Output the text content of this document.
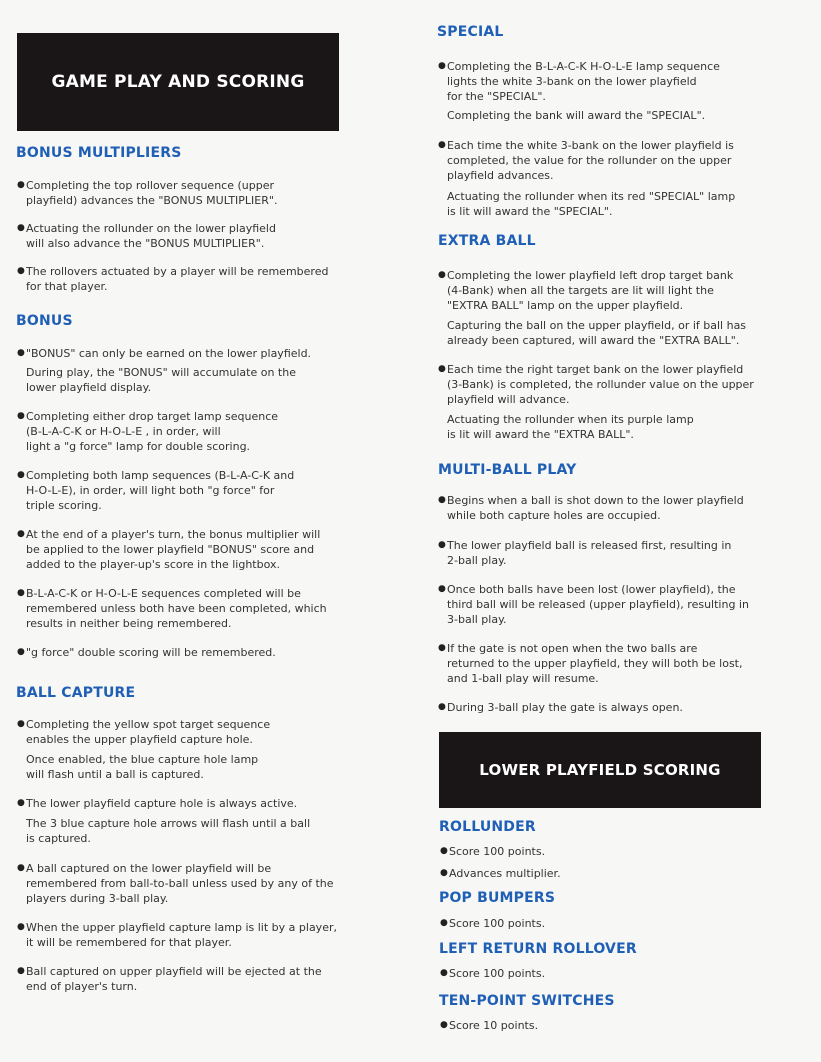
GAME PLAY AND SCORING
BONUS MULTIPLIERS
● Completing the top rollover sequence (upper
playfield) advances the "BONUS MULTIPLIER".
● Actuating the rollunder on the lower playfield
will also advance the "BONUS MULTIPLIER".
● The rollovers actuated by a player will be remembered
for that player.
BONUS
● "BONUS" can only be earned on the lower playfield.
During play, the "BONUS" will accumulate on the
lower playfield display.
● Completing either drop target lamp sequence
(B-L-A-C-K or H-O-L-E , in order, will
light a "g force" lamp for double scoring.
● Completing both lamp sequences (B-L-A-C-K and
H-O-L-E), in order, will light both "g force" for
triple scoring.
● At the end of a player's turn, the bonus multiplier will
be applied to the lower playfield "BONUS" score and
added to the player-up's score in the lightbox.
● B-L-A-C-K or H-O-L-E sequences completed will be
remembered unless both have been completed, which
results in neither being remembered.
● "g force" double scoring will be remembered.
BALL CAPTURE
● Completing the yellow spot target sequence
enables the upper playfield capture hole.
Once enabled, the blue capture hole lamp
will flash until a ball is captured.
● The lower playfield capture hole is always active.
The 3 blue capture hole arrows will flash until a ball
is captured.
● A ball captured on the lower playfield will be
remembered from ball-to-ball unless used by any of the
players during 3-ball play.
● When the upper playfield capture lamp is lit by a player,
it will be remembered for that player.
● Ball captured on upper playfield will be ejected at the
end of player's turn.
SPECIAL
● Completing the B-L-A-C-K H-O-L-E lamp sequence
lights the white 3-bank on the lower playfield
for the "SPECIAL".
Completing the bank will award the "SPECIAL".
● Each time the white 3-bank on the lower playfield is
completed, the value for the rollunder on the upper
playfield advances.
Actuating the rollunder when its red "SPECIAL" lamp
is lit will award the "SPECIAL".
EXTRA BALL
● Completing the lower playfield left drop target bank
(4-Bank) when all the targets are lit will light the
"EXTRA BALL" lamp on the upper playfield.
Capturing the ball on the upper playfield, or if ball has
already been captured, will award the "EXTRA BALL".
● Each time the right target bank on the lower playfield
(3-Bank) is completed, the rollunder value on the upper
playfield will advance.
Actuating the rollunder when its purple lamp
is lit will award the "EXTRA BALL".
MULTI-BALL PLAY
● Begins when a ball is shot down to the lower playfield
while both capture holes are occupied.
● The lower playfield ball is released first, resulting in
2-ball play.
● Once both balls have been lost (lower playfield), the
third ball will be released (upper playfield), resulting in
3-ball play.
● If the gate is not open when the two balls are
returned to the upper playfield, they will both be lost,
and 1-ball play will resume.
● During 3-ball play the gate is always open.
LOWER PLAYFIELD SCORING
ROLLUNDER
● Score 100 points.
● Advances multiplier.
POP BUMPERS
● Score 100 points.
LEFT RETURN ROLLOVER
● Score 100 points.
TEN-POINT SWITCHES
● Score 10 points.
